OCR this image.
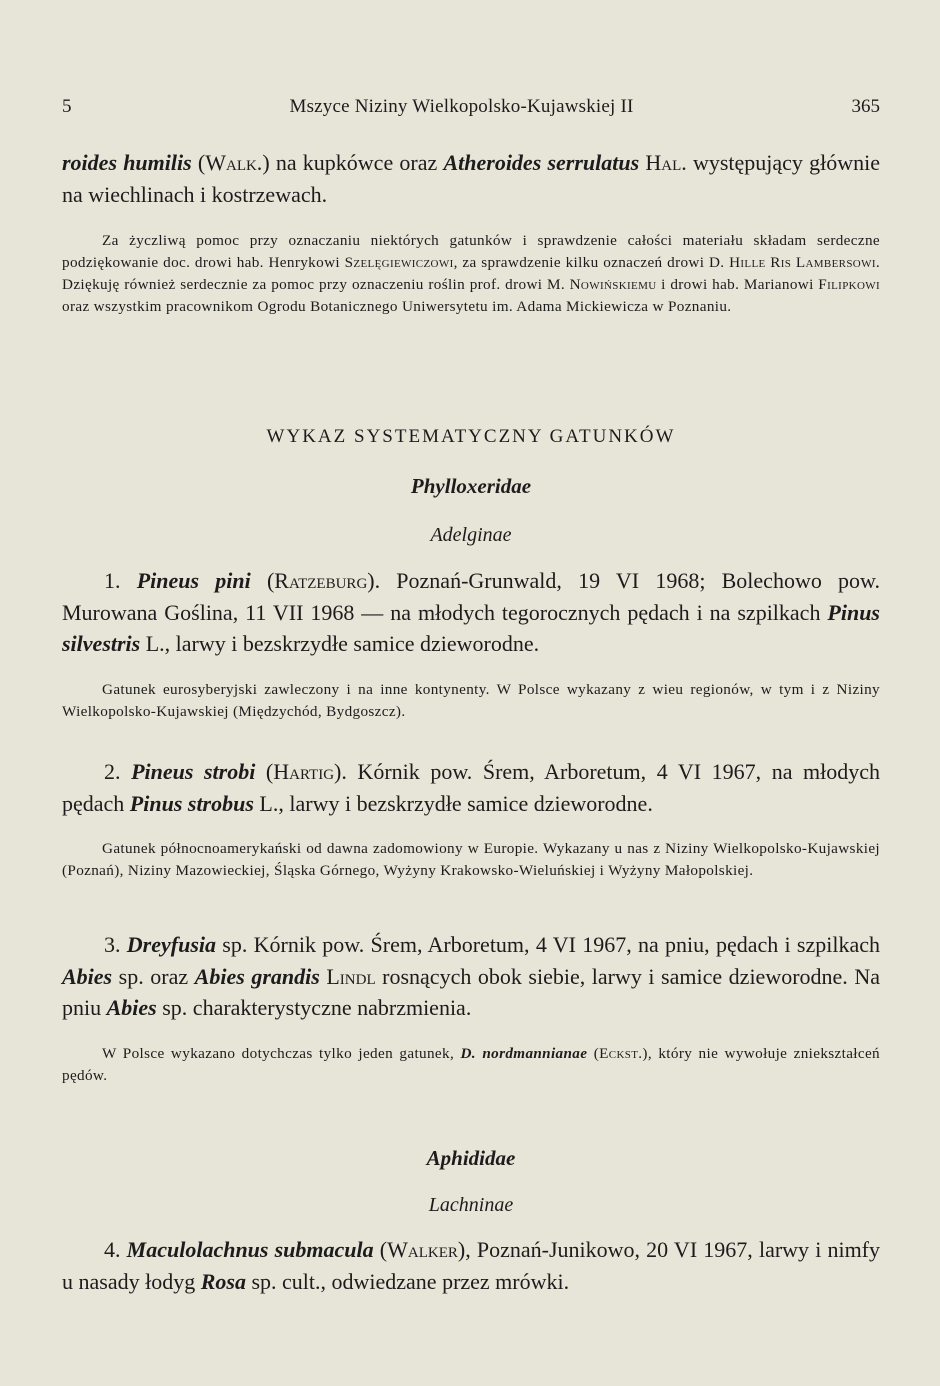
5	Mszyce Niziny Wielkopolsko-Kujawskiej II	365
roides humilis (Walk.) na kupkówce oraz Atheroides serrulatus Hal. występujący głównie na wiechlinach i kostrzewach.
Za życzliwą pomoc przy oznaczaniu niektórych gatunków i sprawdzenie całości materiału składam serdeczne podziękowanie doc. drowi hab. Henrykowi Szelęgiewiczowi, za sprawdzenie kilku oznaczeń drowi D. Hille Ris Lambersowi. Dziękuję również serdecznie za pomoc przy oznaczeniu roślin prof. drowi M. Nowińskiemu i drowi hab. Marianowi Filipkowi oraz wszystkim pracownikom Ogrodu Botanicznego Uniwersytetu im. Adama Mickiewicza w Poznaniu.
WYKAZ SYSTEMATYCZNY GATUNKÓW
Phylloxeridae
Adelginae
1. Pineus pini (Ratzeburg). Poznań-Grunwald, 19 VI 1968; Bolechowo pow. Murowana Goślina, 11 VII 1968 — na młodych tegorocznych pędach i na szpilkach Pinus silvestris L., larwy i bezskrzydłe samice dzieworodne.
Gatunek eurosyberyjski zawleczony i na inne kontynenty. W Polsce wykazany z wieu regionów, w tym i z Niziny Wielkopolsko-Kujawskiej (Międzychód, Bydgoszcz).
2. Pineus strobi (Hartig). Kórnik pow. Śrem, Arboretum, 4 VI 1967, na młodych pędach Pinus strobus L., larwy i bezskrzydłe samice dzieworodne.
Gatunek północnoamerykański od dawna zadomowiony w Europie. Wykazany u nas z Niziny Wielkopolsko-Kujawskiej (Poznań), Niziny Mazowieckiej, Śląska Górnego, Wyżyny Krakowsko-Wieluńskiej i Wyżyny Małopolskiej.
3. Dreyfusia sp. Kórnik pow. Śrem, Arboretum, 4 VI 1967, na pniu, pędach i szpilkach Abies sp. oraz Abies grandis Lindl rosnących obok siebie, larwy i samice dzieworodne. Na pniu Abies sp. charakterystyczne nabrzmienia.
W Polsce wykazano dotychczas tylko jeden gatunek, D. nordmannianae (Eckst.), który nie wywołuje zniekształceń pędów.
Aphididae
Lachninae
4. Maculolachnus submacula (Walker), Poznań-Junikowo, 20 VI 1967, larwy i nimfy u nasady łodyg Rosa sp. cult., odwiedzane przez mrówki.
